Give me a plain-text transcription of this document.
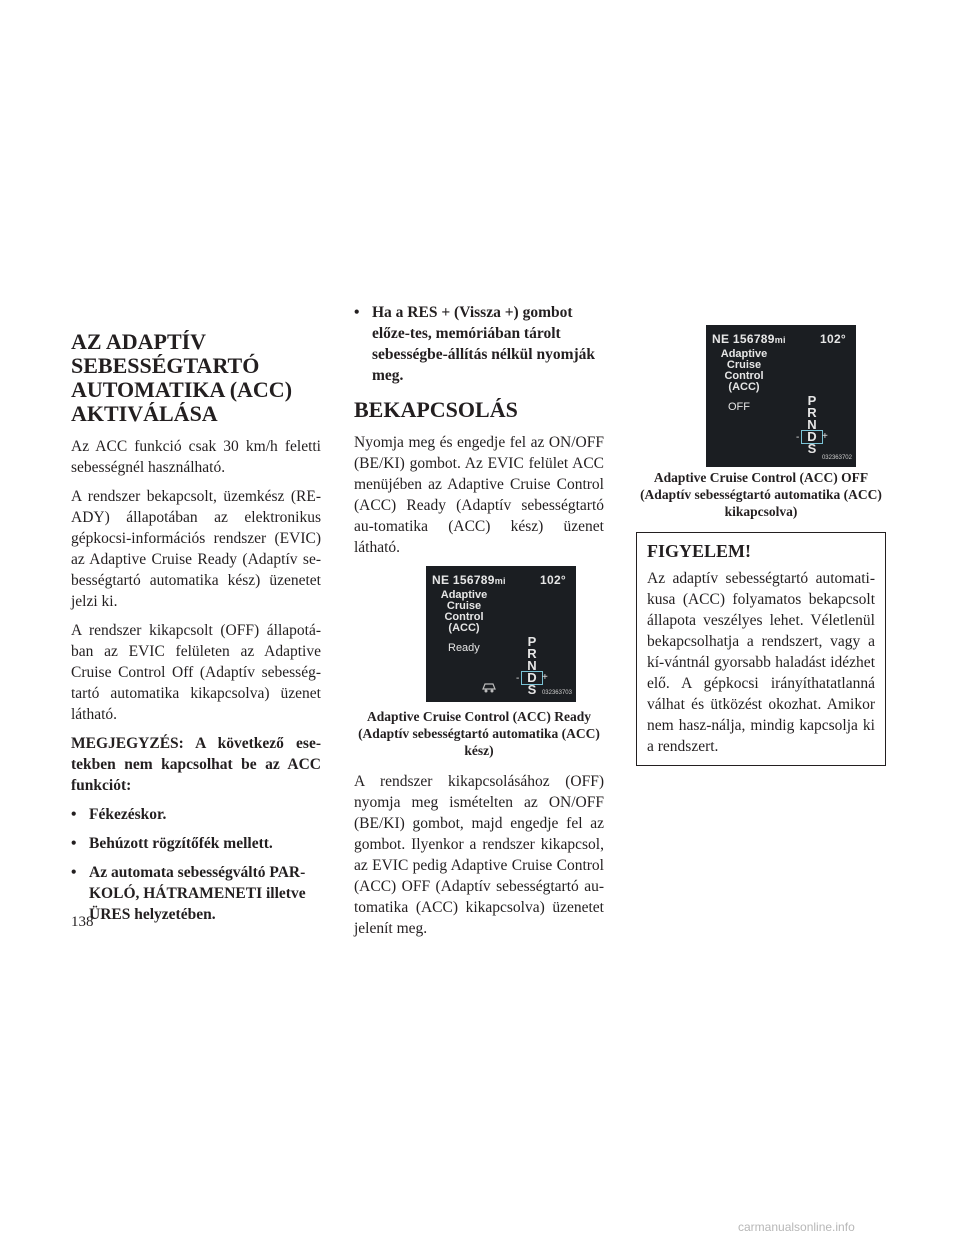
AZ ADAPTÍV
SEBESSÉGTARTÓ
AUTOMATIKA (ACC)
AKTIVÁLÁSA

Az ACC funkció csak 30 km/h feletti sebességnél használható.

A rendszer bekapcsolt, üzemkész (RE-ADY) állapotában az elektronikus gépkocsi-információs rendszer (EVIC) az Adaptive Cruise Ready (Adaptív se-bességtartó automatika kész) üzenetet jelzi ki.

A rendszer kikapcsolt (OFF) állapotá-ban az EVIC felületen az Adaptive Cruise Control Off (Adaptív sebesség-tartó automatika kikapcsolva) üzenet látható.

MEGJEGYZÉS: A következő ese-tekben nem kapcsolhat be az ACC funkciót:

• Fékezéskor.
• Behúzott rögzítőfék mellett.
• Az automata sebességváltó PAR-KOLÓ, HÁTRAMENETI illetve ÜRES helyzetében.
• Ha a RES + (Vissza +) gombot előze-tes, memóriában tárolt sebességbe-állítás nélkül nyomják meg.
BEKAPCSOLÁS

Nyomja meg és engedje fel az ON/OFF (BE/KI) gombot. Az EVIC felület ACC menüjében az Adaptive Cruise Control (ACC) Ready (Adaptív sebességtartó au-tomatika (ACC) kész) üzenet látható.

NE 156789mi	102°
Adaptive
Cruise
Control
(ACC)
Ready	P
R
N
D
S
- +
032363703
Adaptive Cruise Control (ACC) Ready
(Adaptív sebességtartó automatika (ACC)
kész)

A rendszer kikapcsolásához (OFF) nyomja meg ismételten az ON/OFF (BE/KI) gombot, majd engedje fel az gombot. Ilyenkor a rendszer kikapcsol, az EVIC pedig Adaptive Cruise Control (ACC) OFF (Adaptív sebességtartó au-tomatika (ACC) kikapcsolva) üzenetet jelenít meg.

NE 156789mi	102°
Adaptive
Cruise
Control
(ACC)
OFF	P
R
N
D
S
- +
032363702
Adaptive Cruise Control (ACC) OFF
(Adaptív sebességtartó automatika (ACC)
kikapcsolva)
FIGYELEM!

Az adaptív sebességtartó automati-kusa (ACC) folyamatos bekapcsolt állapota veszélyes lehet. Véletlenül bekapcsolhatja a rendszert, vagy a kí-vántnál gyorsabb haladást idézhet elő. A gépkocsi irányíthatatlanná válhat és ütközést okozhat. Amikor nem hasz-nálja, mindig kapcsolja ki a rendszert.

138
carmanualsonline.info
